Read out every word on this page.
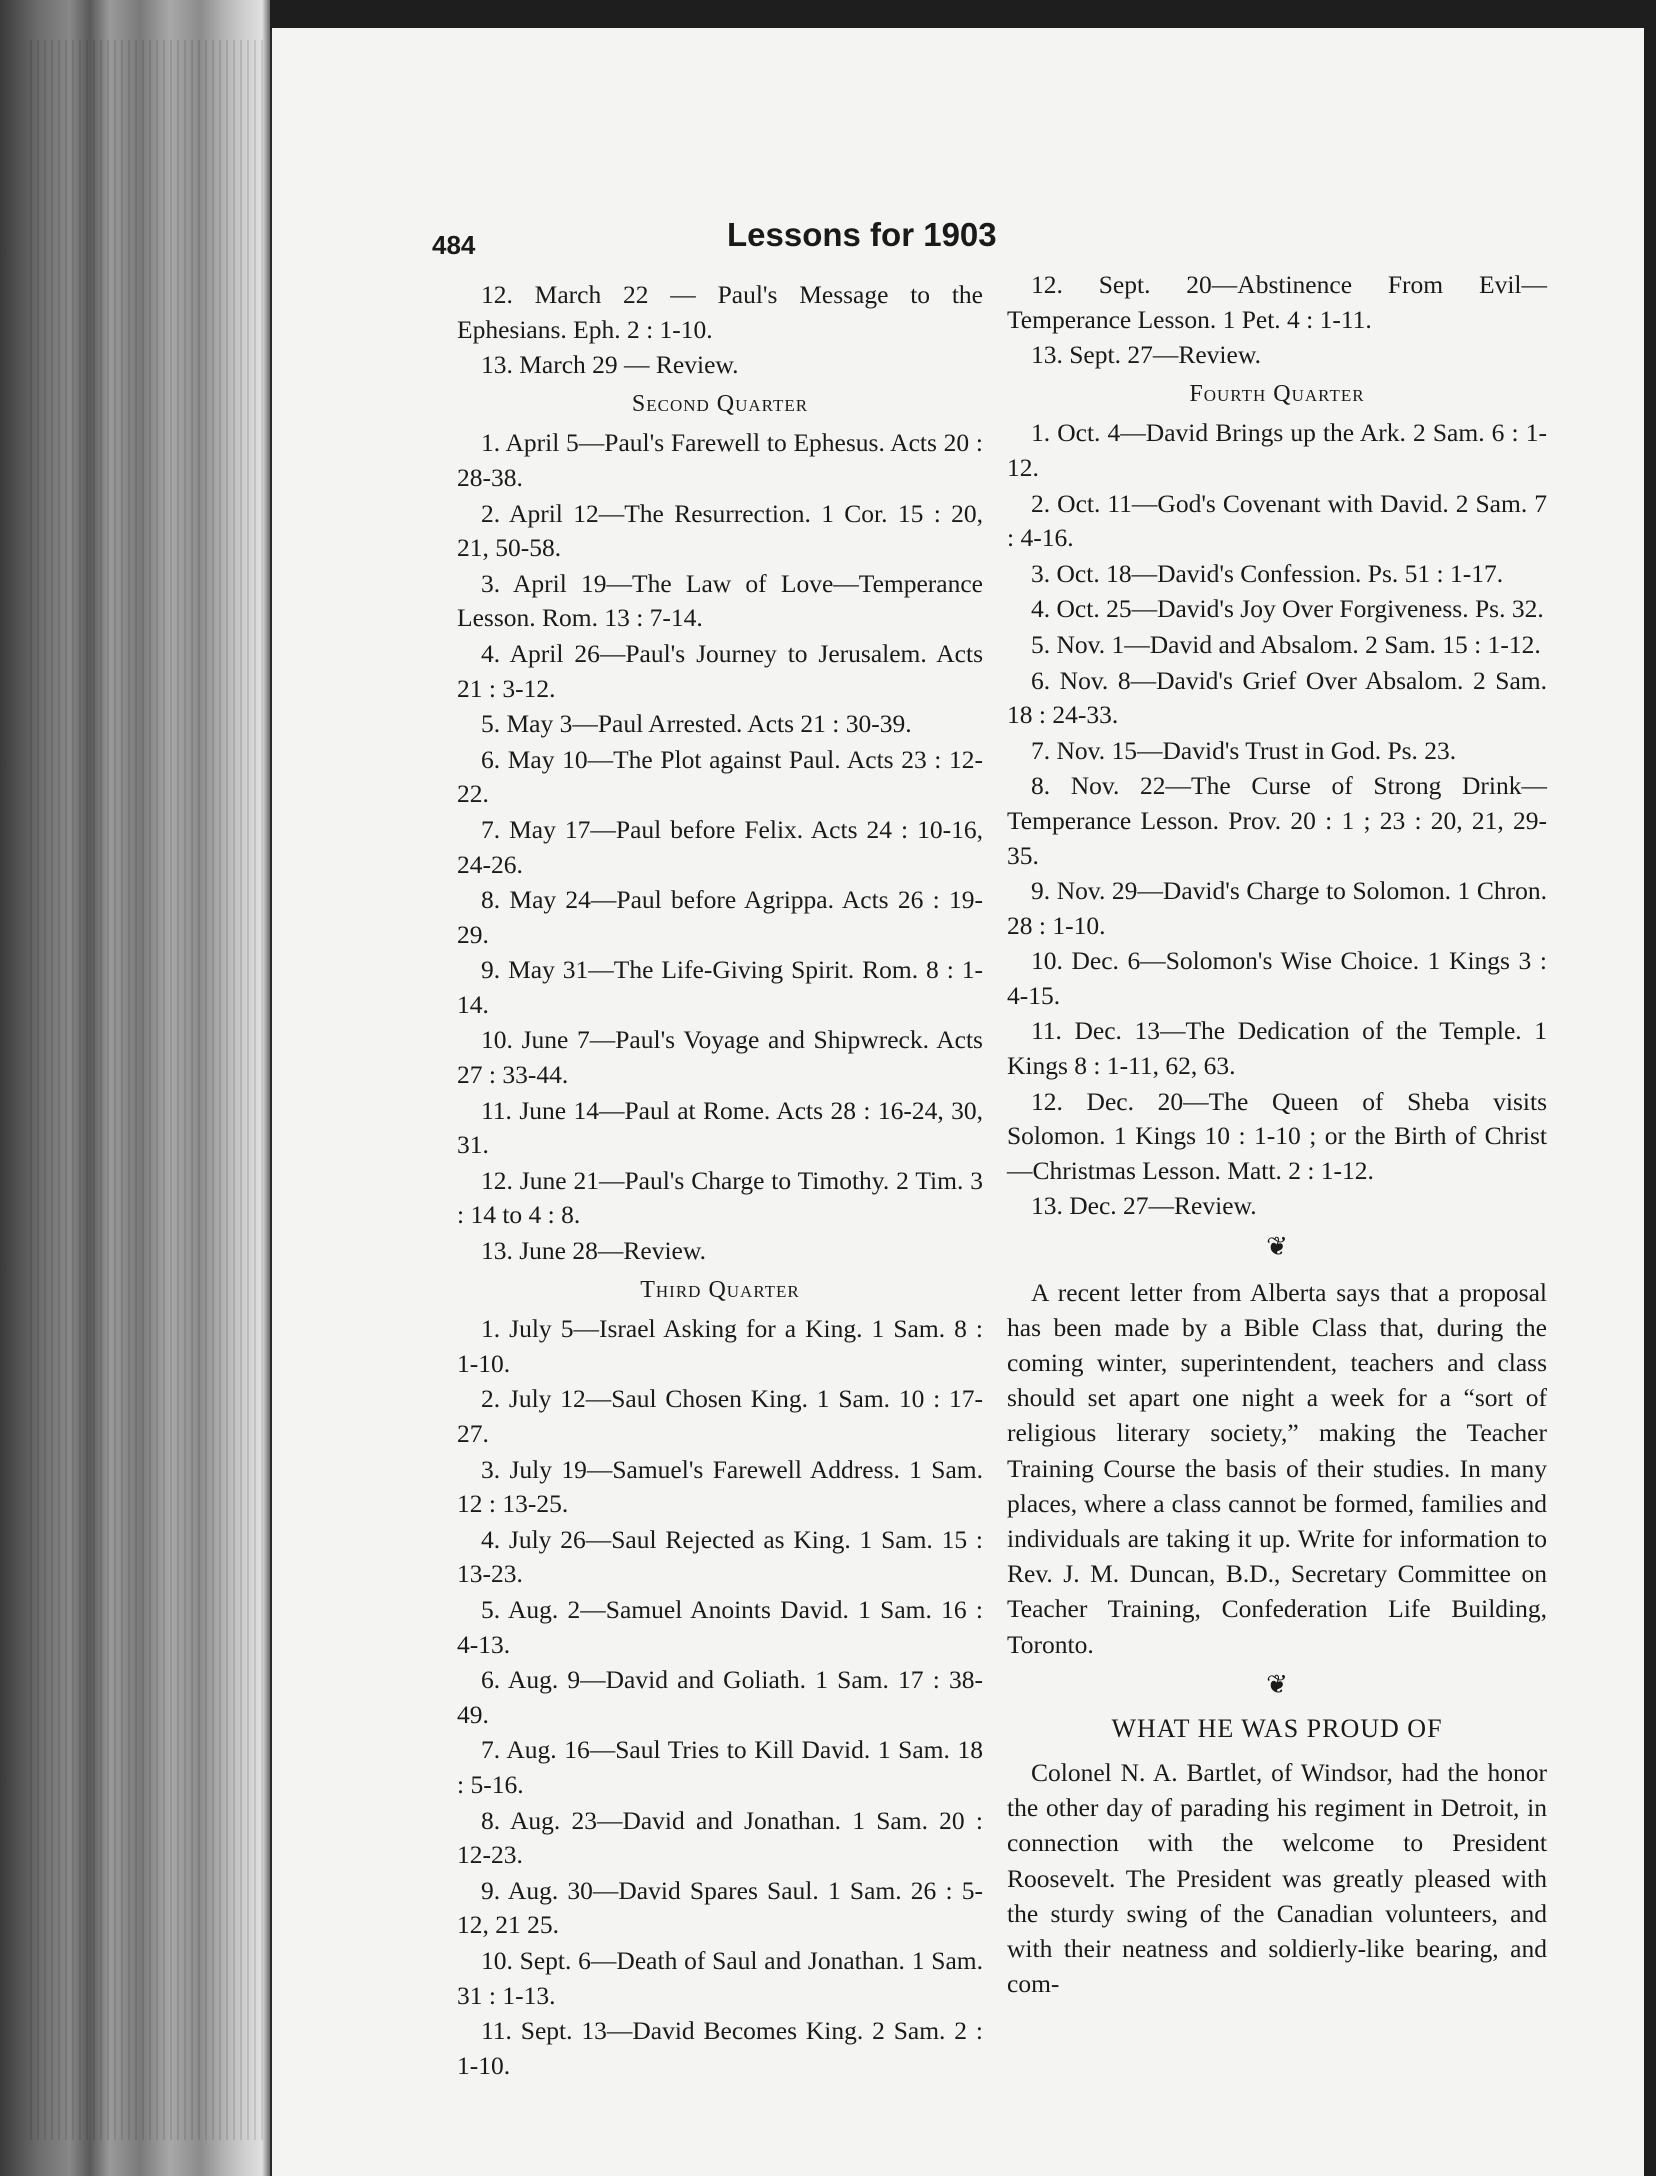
484	Lessons for 1903

12. March 22 — Paul's Message to the Ephesians. Eph. 2 : 1-10.

13. March 29 — Review.

Second Quarter

1. April 5—Paul's Farewell to Ephesus. Acts 20 : 28-38.

2. April 12—The Resurrection. 1 Cor. 15 : 20, 21, 50-58.

3. April 19—The Law of Love—Temperance Lesson. Rom. 13 : 7-14.

4. April 26—Paul's Journey to Jerusalem. Acts 21 : 3-12.

5. May 3—Paul Arrested. Acts 21 : 30-39.

6. May 10—The Plot against Paul. Acts 23 : 12-22.

7. May 17—Paul before Felix. Acts 24 : 10-16, 24-26.

8. May 24—Paul before Agrippa. Acts 26 : 19-29.

9. May 31—The Life-Giving Spirit. Rom. 8 : 1-14.

10. June 7—Paul's Voyage and Shipwreck. Acts 27 : 33-44.

11. June 14—Paul at Rome. Acts 28 : 16-24, 30, 31.

12. June 21—Paul's Charge to Timothy. 2 Tim. 3 : 14 to 4 : 8.

13. June 28—Review.

Third Quarter

1. July 5—Israel Asking for a King. 1 Sam. 8 : 1-10.

2. July 12—Saul Chosen King. 1 Sam. 10 : 17-27.

3. July 19—Samuel's Farewell Address. 1 Sam. 12 : 13-25.

4. July 26—Saul Rejected as King. 1 Sam. 15 : 13-23.

5. Aug. 2—Samuel Anoints David. 1 Sam. 16 : 4-13.

6. Aug. 9—David and Goliath. 1 Sam. 17 : 38-49.

7. Aug. 16—Saul Tries to Kill David. 1 Sam. 18 : 5-16.

8. Aug. 23—David and Jonathan. 1 Sam. 20 : 12-23.

9. Aug. 30—David Spares Saul. 1 Sam. 26 : 5-12, 21 25.

10. Sept. 6—Death of Saul and Jonathan. 1 Sam. 31 : 1-13.

11. Sept. 13—David Becomes King. 2 Sam. 2 : 1-10.

12. Sept. 20—Abstinence From Evil—Temperance Lesson. 1 Pet. 4 : 1-11.

13. Sept. 27—Review.

Fourth Quarter

1. Oct. 4—David Brings up the Ark. 2 Sam. 6 : 1-12.

2. Oct. 11—God's Covenant with David. 2 Sam. 7 : 4-16.

3. Oct. 18—David's Confession. Ps. 51 : 1-17.

4. Oct. 25—David's Joy Over Forgiveness. Ps. 32.

5. Nov. 1—David and Absalom. 2 Sam. 15 : 1-12.

6. Nov. 8—David's Grief Over Absalom. 2 Sam. 18 : 24-33.

7. Nov. 15—David's Trust in God. Ps. 23.

8. Nov. 22—The Curse of Strong Drink—Temperance Lesson. Prov. 20 : 1 ; 23 : 20, 21, 29-35.

9. Nov. 29—David's Charge to Solomon. 1 Chron. 28 : 1-10.

10. Dec. 6—Solomon's Wise Choice. 1 Kings 3 : 4-15.

11. Dec. 13—The Dedication of the Temple. 1 Kings 8 : 1-11, 62, 63.

12. Dec. 20—The Queen of Sheba visits Solomon. 1 Kings 10 : 1-10 ; or the Birth of Christ—Christmas Lesson. Matt. 2 : 1-12.

13. Dec. 27—Review.

❦

A recent letter from Alberta says that a proposal has been made by a Bible Class that, during the coming winter, superintendent, teachers and class should set apart one night a week for a “sort of religious literary society,” making the Teacher Training Course the basis of their studies. In many places, where a class cannot be formed, families and individuals are taking it up. Write for information to Rev. J. M. Duncan, B.D., Secretary Committee on Teacher Training, Confederation Life Building, Toronto.

❦

WHAT HE WAS PROUD OF

Colonel N. A. Bartlet, of Windsor, had the honor the other day of parading his regiment in Detroit, in connection with the welcome to President Roosevelt. The President was greatly pleased with the sturdy swing of the Canadian volunteers, and with their neatness and soldierly-like bearing, and com-
